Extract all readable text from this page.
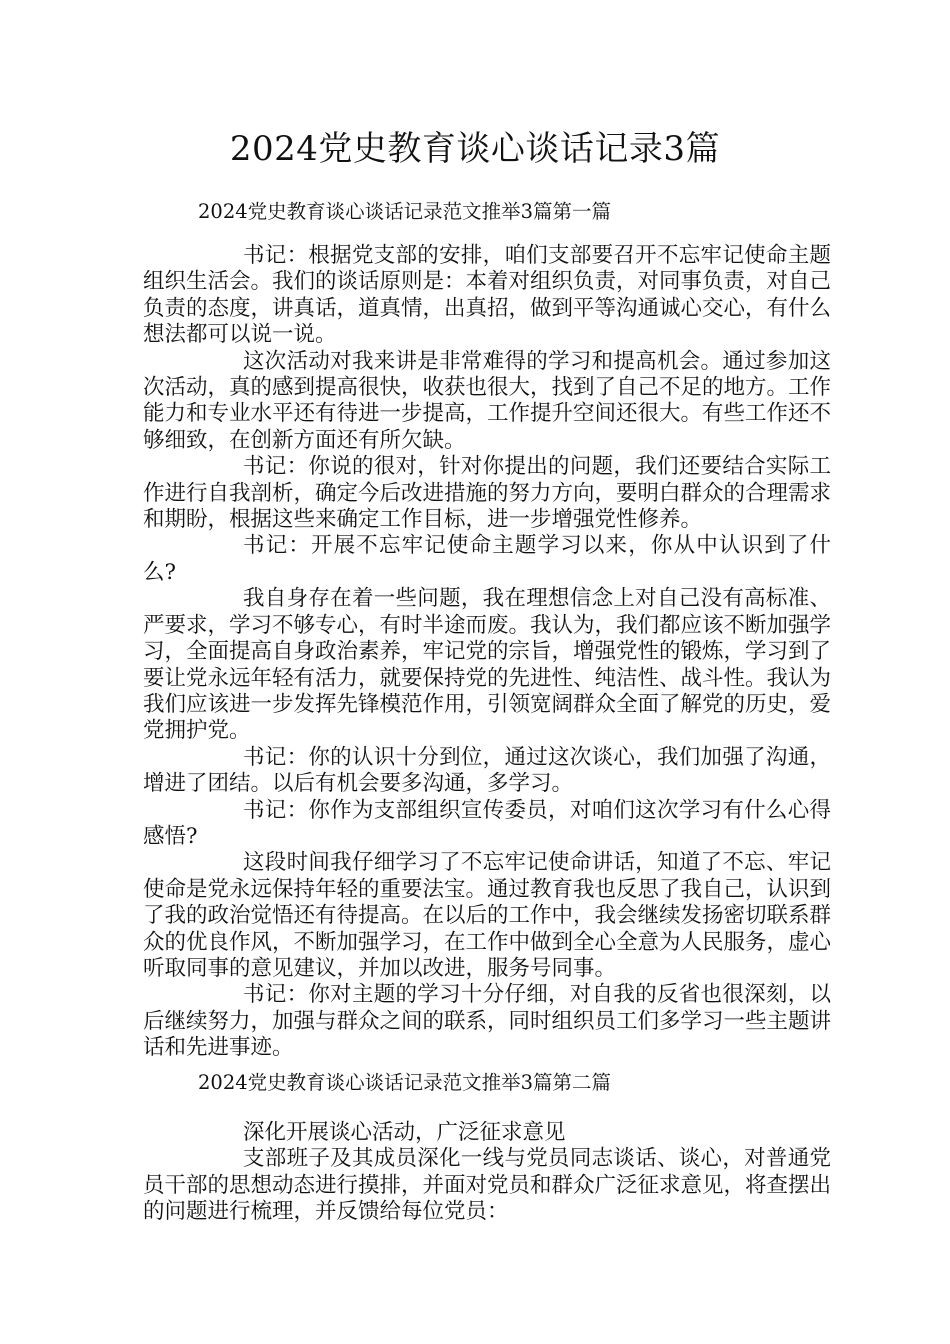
2024党史教育谈心谈话记录3篇
2024党史教育谈心谈话记录范文推举3篇第一篇

书记：根据党支部的安排，咱们支部要召开不忘牢记使命主题组织生活会。我们的谈话原则是：本着对组织负责，对同事负责，对自己负责的态度，讲真话，道真情，出真招，做到平等沟通诚心交心，有什么想法都可以说一说。

这次活动对我来讲是非常难得的学习和提高机会。通过参加这次活动，真的感到提高很快，收获也很大，找到了自己不足的地方。工作能力和专业水平还有待进一步提高，工作提升空间还很大。有些工作还不够细致，在创新方面还有所欠缺。

书记：你说的很对，针对你提出的问题，我们还要结合实际工作进行自我剖析，确定今后改进措施的努力方向，要明白群众的合理需求和期盼，根据这些来确定工作目标，进一步增强党性修养。

书记：开展不忘牢记使命主题学习以来，你从中认识到了什么?

我自身存在着一些问题，我在理想信念上对自己没有高标准、严要求，学习不够专心，有时半途而废。我认为，我们都应该不断加强学习，全面提高自身政治素养，牢记党的宗旨，增强党性的锻炼，学习到了要让党永远年轻有活力，就要保持党的先进性、纯洁性、战斗性。我认为我们应该进一步发挥先锋模范作用，引领宽阔群众全面了解党的历史，爱党拥护党。

书记：你的认识十分到位，通过这次谈心，我们加强了沟通，增进了团结。以后有机会要多沟通，多学习。

书记：你作为支部组织宣传委员，对咱们这次学习有什么心得感悟?

这段时间我仔细学习了不忘牢记使命讲话，知道了不忘、牢记使命是党永远保持年轻的重要法宝。通过教育我也反思了我自己，认识到了我的政治觉悟还有待提高。在以后的工作中，我会继续发扬密切联系群众的优良作风，不断加强学习，在工作中做到全心全意为人民服务，虚心听取同事的意见建议，并加以改进，服务号同事。

书记：你对主题的学习十分仔细，对自我的反省也很深刻，以后继续努力，加强与群众之间的联系，同时组织员工们多学习一些主题讲话和先进事迹。

2024党史教育谈心谈话记录范文推举3篇第二篇

深化开展谈心活动，广泛征求意见

支部班子及其成员深化一线与党员同志谈话、谈心，对普通党员干部的思想动态进行摸排，并面对党员和群众广泛征求意见，将查摆出的问题进行梳理，并反馈给每位党员：
